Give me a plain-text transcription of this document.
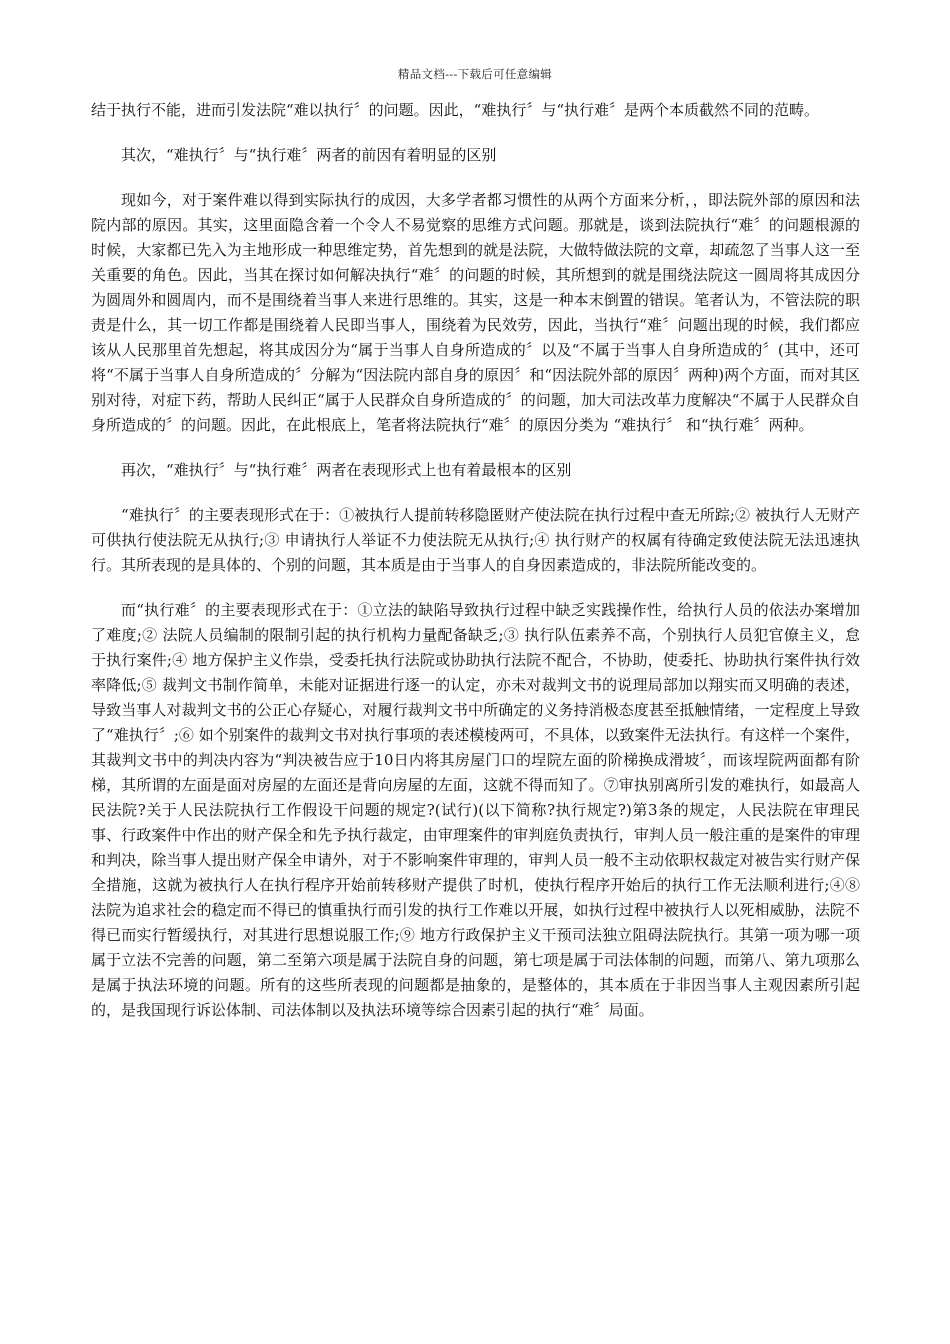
精品文档---下载后可任意编辑

结于执行不能，进而引发法院“难以执行〞的问题。因此，“难执行〞与“执行难〞是两个本质截然不同的范畴。

其次，“难执行〞与“执行难〞两者的前因有着明显的区别

现如今，对于案件难以得到实际执行的成因，大多学者都习惯性的从两个方面来分析，，即法院外部的原因和法院内部的原因。其实，这里面隐含着一个令人不易觉察的思维方式问题。那就是，谈到法院执行“难〞的问题根源的时候，大家都已先入为主地形成一种思维定势，首先想到的就是法院，大做特做法院的文章，却疏忽了当事人这一至关重要的角色。因此，当其在探讨如何解决执行“难〞的问题的时候，其所想到的就是围绕法院这一圆周将其成因分为圆周外和圆周内，而不是围绕着当事人来进行思维的。其实，这是一种本末倒置的错误。笔者认为，不管法院的职责是什么，其一切工作都是围绕着人民即当事人，围绕着为民效劳，因此，当执行“难〞问题出现的时候，我们都应该从人民那里首先想起，将其成因分为“属于当事人自身所造成的〞以及“不属于当事人自身所造成的〞(其中，还可将“不属于当事人自身所造成的〞分解为“因法院内部自身的原因〞和“因法院外部的原因〞两种)两个方面，而对其区别对待，对症下药，帮助人民纠正“属于人民群众自身所造成的〞的问题，加大司法改革力度解决“不属于人民群众自身所造成的〞的问题。因此，在此根底上，笔者将法院执行“难〞的原因分类为 “难执行〞 和“执行难〞两种。

再次，“难执行〞与“执行难〞两者在表现形式上也有着最根本的区别

“难执行〞的主要表现形式在于：①被执行人提前转移隐匿财产使法院在执行过程中查无所踪;② 被执行人无财产可供执行使法院无从执行;③ 申请执行人举证不力使法院无从执行;④ 执行财产的权属有待确定致使法院无法迅速执行。其所表现的是具体的、个别的问题，其本质是由于当事人的自身因素造成的，非法院所能改变的。

而“执行难〞的主要表现形式在于：①立法的缺陷导致执行过程中缺乏实践操作性，给执行人员的依法办案增加了难度;② 法院人员编制的限制引起的执行机构力量配备缺乏;③ 执行队伍素养不高，个别执行人员犯官僚主义，怠于执行案件;④ 地方保护主义作祟，受委托执行法院或协助执行法院不配合，不协助，使委托、协助执行案件执行效率降低;⑤ 裁判文书制作简单，未能对证据进行逐一的认定，亦未对裁判文书的说理局部加以翔实而又明确的表述，导致当事人对裁判文书的公正心存疑心，对履行裁判文书中所确定的义务持消极态度甚至抵触情绪，一定程度上导致了“难执行〞;⑥ 如个别案件的裁判文书对执行事项的表述模棱两可，不具体，以致案件无法执行。有这样一个案件，其裁判文书中的判决内容为“判决被告应于10日内将其房屋门口的埕院左面的阶梯换成滑坡〞，而该埕院两面都有阶梯，其所谓的左面是面对房屋的左面还是背向房屋的左面，这就不得而知了。⑦审执别离所引发的难执行，如最高人民法院?关于人民法院执行工作假设干问题的规定?(试行)(以下简称?执行规定?)第3条的规定，人民法院在审理民事、行政案件中作出的财产保全和先予执行裁定，由审理案件的审判庭负责执行，审判人员一般注重的是案件的审理和判决，除当事人提出财产保全申请外，对于不影响案件审理的，审判人员一般不主动依职权裁定对被告实行财产保全措施，这就为被执行人在执行程序开始前转移财产提供了时机，使执行程序开始后的执行工作无法顺利进行;④⑧ 法院为追求社会的稳定而不得已的慎重执行而引发的执行工作难以开展，如执行过程中被执行人以死相威胁，法院不得已而实行暂缓执行，对其进行思想说服工作;⑨ 地方行政保护主义干预司法独立阻碍法院执行。其第一项为哪一项属于立法不完善的问题，第二至第六项是属于法院自身的问题，第七项是属于司法体制的问题，而第八、第九项那么是属于执法环境的问题。所有的这些所表现的问题都是抽象的，是整体的，其本质在于非因当事人主观因素所引起的，是我国现行诉讼体制、司法体制以及执法环境等综合因素引起的执行“难〞局面。
